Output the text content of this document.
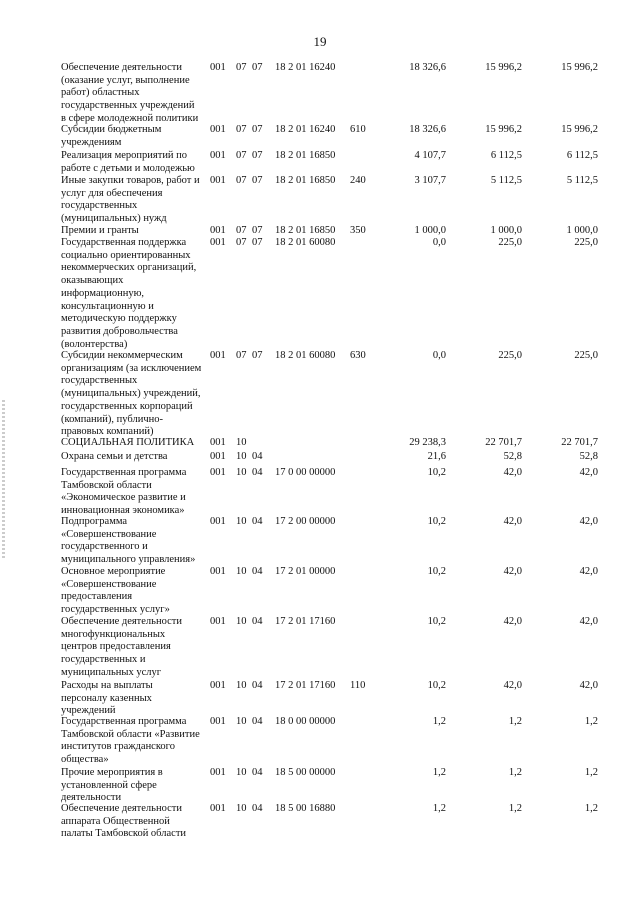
19
Обеспечение деятельности
(оказание услуг, выполнение
работ) областных
государственных учреждений
в сфере молодежной политики
001 07 07 18 2 01 16240	18 326,6	15 996,2	15 996,2
Субсидии бюджетным
учреждениям
001 07 07 18 2 01 16240 610	18 326,6	15 996,2	15 996,2
Реализация мероприятий по
работе с детьми и молодежью
001 07 07 18 2 01 16850	4 107,7	6 112,5	6 112,5
Иные закупки товаров, работ и
услуг для обеспечения
государственных
(муниципальных) нужд
001 07 07 18 2 01 16850 240	3 107,7	5 112,5	5 112,5
Премии и гранты	001 07 07 18 2 01 16850 350	1 000,0	1 000,0	1 000,0
Государственная поддержка
социально ориентированных
некоммерческих организаций,
оказывающих
информационную,
консультационную и
методическую поддержку
развития добровольчества
(волонтерства)
001 07 07 18 2 01 60080	0,0	225,0	225,0
Субсидии некоммерческим
организациям (за исключением
государственных
(муниципальных) учреждений,
государственных корпораций
(компаний), публично-
правовых компаний)
001 07 07 18 2 01 60080 630	0,0	225,0	225,0
СОЦИАЛЬНАЯ ПОЛИТИКА	001 10	29 238,3	22 701,7	22 701,7
Охрана семьи и детства	001 10 04	21,6	52,8	52,8
Государственная программа
Тамбовской области
«Экономическое развитие и
инновационная экономика»
001 10 04 17 0 00 00000	10,2	42,0	42,0
Подпрограмма
«Совершенствование
государственного и
муниципального управления»
001 10 04 17 2 00 00000	10,2	42,0	42,0
Основное мероприятие
«Совершенствование
предоставления
государственных услуг»
001 10 04 17 2 01 00000	10,2	42,0	42,0
Обеспечение деятельности
многофункциональных
центров предоставления
государственных и
муниципальных услуг
001 10 04 17 2 01 17160	10,2	42,0	42,0
Расходы на выплаты
персоналу казенных
учреждений
001 10 04 17 2 01 17160 110	10,2	42,0	42,0
Государственная программа
Тамбовской области «Развитие
институтов гражданского
общества»
001 10 04 18 0 00 00000	1,2	1,2	1,2
Прочие мероприятия в
установленной сфере
деятельности
001 10 04 18 5 00 00000	1,2	1,2	1,2
Обеспечение деятельности
аппарата Общественной
палаты Тамбовской области
001 10 04 18 5 00 16880	1,2	1,2	1,2
